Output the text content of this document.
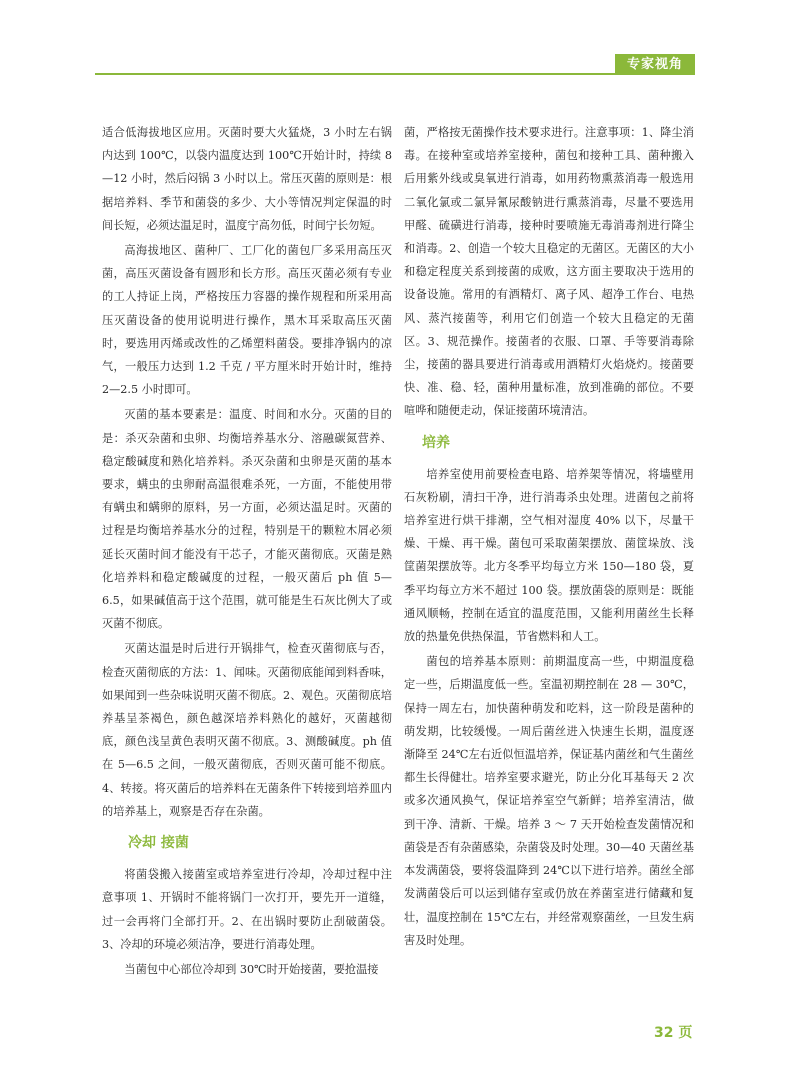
专家视角

适合低海拔地区应用。灭菌时要大火猛烧，3 小时左右锅内达到 100℃，以袋内温度达到 100℃开始计时，持续 8—12 小时，然后闷锅 3 小时以上。常压灭菌的原则是：根据培养料、季节和菌袋的多少、大小等情况判定保温的时间长短，必须达温足时，温度宁高勿低，时间宁长勿短。

高海拔地区、菌种厂、工厂化的菌包厂多采用高压灭菌，高压灭菌设备有圆形和长方形。高压灭菌必须有专业的工人持证上岗，严格按压力容器的操作规程和所采用高压灭菌设备的使用说明进行操作，黑木耳采取高压灭菌时，要选用丙烯或改性的乙烯塑料菌袋。要排净锅内的凉气，一般压力达到 1.2 千克 / 平方厘米时开始计时，维持 2—2.5 小时即可。

灭菌的基本要素是：温度、时间和水分。灭菌的目的是：杀灭杂菌和虫卵、均衡培养基水分、溶融碳氮营养、稳定酸碱度和熟化培养料。杀灭杂菌和虫卵是灭菌的基本要求，螨虫的虫卵耐高温很难杀死，一方面，不能使用带有螨虫和螨卵的原料，另一方面，必须达温足时。灭菌的过程是均衡培养基水分的过程，特别是干的颗粒木屑必须延长灭菌时间才能没有干芯子，才能灭菌彻底。灭菌是熟化培养料和稳定酸碱度的过程，一般灭菌后 ph 值 5—6.5，如果碱值高于这个范围，就可能是生石灰比例大了或灭菌不彻底。

灭菌达温是时后进行开锅排气，检查灭菌彻底与否，检查灭菌彻底的方法：1、闻味。灭菌彻底能闻到料香味，如果闻到一些杂味说明灭菌不彻底。2、观色。灭菌彻底培养基呈茶褐色，颜色越深培养料熟化的越好，灭菌越彻底，颜色浅呈黄色表明灭菌不彻底。3、测酸碱度。ph 值在 5—6.5 之间，一般灭菌彻底，否则灭菌可能不彻底。4、转接。将灭菌后的培养料在无菌条件下转接到培养皿内的培养基上，观察是否存在杂菌。

冷却 接菌

将菌袋搬入接菌室或培养室进行冷却，冷却过程中注意事项 1、开锅时不能将锅门一次打开，要先开一道缝，过一会再将门全部打开。2、在出锅时要防止刮破菌袋。3、冷却的环境必须洁净，要进行消毒处理。

当菌包中心部位冷却到 30℃时开始接菌，要抢温接

菌，严格按无菌操作技术要求进行。注意事项：1、降尘消毒。在接种室或培养室接种，菌包和接种工具、菌种搬入后用紫外线或臭氧进行消毒，如用药物熏蒸消毒一般选用二氧化氯或二氯异氰尿酸钠进行熏蒸消毒，尽量不要选用甲醛、硫磺进行消毒，接种时要喷施无毒消毒剂进行降尘和消毒。2、创造一个较大且稳定的无菌区。无菌区的大小和稳定程度关系到接菌的成败，这方面主要取决于选用的设备设施。常用的有酒精灯、离子风、超净工作台、电热风、蒸汽接菌等，利用它们创造一个较大且稳定的无菌区。3、规范操作。接菌者的衣服、口罩、手等要消毒除尘，接菌的器具要进行消毒或用酒精灯火焰烧灼。接菌要快、准、稳、轻，菌种用量标准，放到准确的部位。不要喧哗和随便走动，保证接菌环境清洁。

培养

培养室使用前要检查电路、培养架等情况，将墙壁用石灰粉刷，清扫干净，进行消毒杀虫处理。进菌包之前将培养室进行烘干排潮，空气相对湿度 40% 以下，尽量干燥、干燥、再干燥。菌包可采取菌架摆放、菌筐垛放、浅筐菌架摆放等。北方冬季平均每立方米 150—180 袋，夏季平均每立方米不超过 100 袋。摆放菌袋的原则是：既能通风顺畅，控制在适宜的温度范围，又能利用菌丝生长释放的热量免供热保温，节省燃料和人工。

菌包的培养基本原则：前期温度高一些，中期温度稳定一些，后期温度低一些。室温初期控制在 28 — 30℃，保持一周左右，加快菌种萌发和吃料，这一阶段是菌种的萌发期，比较缓慢。一周后菌丝进入快速生长期，温度逐渐降至 24℃左右近似恒温培养，保证基内菌丝和气生菌丝都生长得健壮。培养室要求避光，防止分化耳基每天 2 次或多次通风换气，保证培养室空气新鲜；培养室清洁，做到干净、清新、干燥。培养 3 ～ 7 天开始检查发菌情况和菌袋是否有杂菌感染，杂菌袋及时处理。30—40 天菌丝基本发满菌袋，要将袋温降到 24℃以下进行培养。菌丝全部发满菌袋后可以运到储存室或仍放在养菌室进行储藏和复壮，温度控制在 15℃左右，并经常观察菌丝，一旦发生病害及时处理。

32 页
